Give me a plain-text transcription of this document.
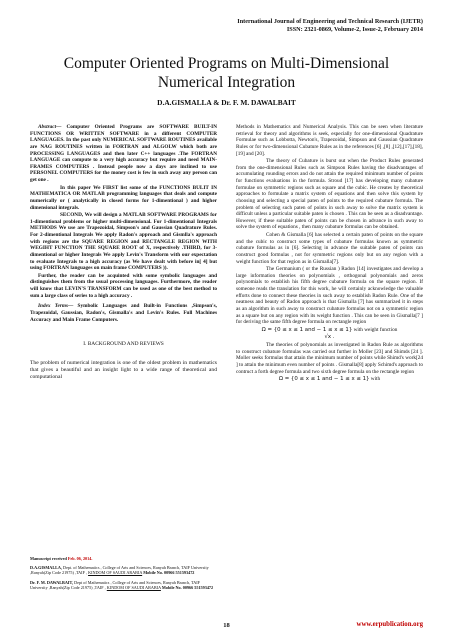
International Journal of Engineering and Technical Research (IJETR)
ISSN: 2321-0869, Volume-2, Issue-2, February 2014
Computer Oriented Programs on Multi-Dimensional Numerical Integration
D.A.GISMALLA & Dr. F. M. DAWALBAIT

Abstract— Computer Oriented Programs are SOFTWARE BUILT-IN FUNCTIONS OR WRITTEN SOFTWARE in a different COMPUTER LANGUAGES. In the past only NUMERICAL SOFTWARE ROUTINES available are NAG ROUTINES written in FORTRAN and ALGOLW which both are PROCESSING LANGUAGES and then later C++ languages .The FORTRAN LANGUAGE can compute to a very high accuracy but require and need MAIN-FRAMES COMPUTERS . Instead people now a days are inclined to use PERSONEL COMPUTERS for the money cost is few in such away any person can get one .

In this paper We FIRST list some of the FUNCTIONS BULIT IN MATHEMATICA OR MATLAB programming languages that deals and compute numerically or ( analytically in closed forms for 1-dimentional ) and higher dimensional integrals.

SECOND, We will design a MATLAB SOFTWARE PROGRAMS for 1-dimentional problems or higher multi-dimensional. For 1-dimentional Integrals METHODS We use are Trapezoidal, Simpson's and Gaussian Quadrature Rules. For 2-dimentional Integrals We apply Radon's approach and Gismlla's approach with regions are the SQUARE REGION and RECTANGLE REGION WITH WEGIHT FUNCTION THE SQUARE ROOT of X, respectively .THIRD, for 3-dimentional or higher Integrals We apply Levin's Transform with our expectation to evaluate Integrals to a high accuracy (as We have dealt with before in[ 4] but using FORTRAN languages on main frame COMPUTERS )).

Further, the reader can be acquinted with some symbolic languages and distinguishes them from the usual processing languages. Furthermore, the reader will know that LEVIN'S TRANSFORM can be used as one of the best method to sum a large class of series to a high accuracy .

Index Terms— Symbolic Languages and Built-in Functions ,Simpson's, Trapezoidal, Gaussian, Radon's, Gismalla's and Levin's Rules. Full Machines Accuracy and Main Frame Computers.

I. BACKGROUND AND REVIEWS

The problem of numerical integration is one of the oldest problem in mathematics that gives a beautiful and an insight light to a wide range of theoretical and computational

Manuscript received Feb. 06, 2014.

D.A.GISMALLA, Dept. of Mathematics , College of Arts and Sciences, Ranyah Branch, TAIF University ,Ranyah(Zip Code 21975) ,TAIF , KINDOM OF SAUDI ARABIA Mobile No. 00966 551593472

Dr. F. M. DAWALBAIT, Dept of Mathematics , College of Arts and Sciences, Ranyah Branch, TAIF University ,Ranyah(Zip Code 21975) ,TAIF , KINDOM OF SAUDI ARABIA Mobile No. 00966 551593472

Methods in Mathematics and Numerical Analysis. This can be seen when literature retrieval for theory and algorithms is seek, especially for one-dimensional Quadrature Formulae such as Lobbotta, Newton's, Trapezoidal, Simpson and Gaussian Quadrature Rules or for two-dimensional Cubature Rules as in the references [6] ,[8] ,[12],[17],[18], [19] and [20].

The theory of Cubature is burst out when the Product Rules generated from the one-dimensional Rules such as Simpson Rules having the disadvantages of accumulating rounding errors and do not attain the required minimum number of points for functions evaluations in the formula. Stroud [17] has developing many cubature formulae on symmetric regions such as square and the cubic. He creates by theoretical approaches to formulate a matrix system of equations and then solve this system by choosing and selecting a special paten of points to the required cubature formula. The problem of selecting such paten of points in such away to solve the matrix system is difficult unless a particular suitable paten is chosen . This can be seen as a disadvantage. However, if these suitable paten of points can be chosen in advance in such away to solve the system of equations , then many cubature formulas can be obtained.

Cohen & Gismalla [6] has selected a certain paten of points on the square and the cubic to construct some types of cubature formulas known as symmetric cubature formulas as in [6]. Selecting in advance the suitable paten of points can construct good formulas , not for symmetric regions only but on any region with a weight function for that region as in Gismalla[7].

The Germanium ( or the Russian ) Radon [14] investigates and develop a large information theories on polynomials , orthogonal polynomials and zeros polynomials to establish his fifth degree cubature formula on the square region. If someone reads the translation for this work, he will certainly acknowledge the valuable efforts done to connect these theories in such away to establish Radon Rule. One of the neatness and beauty of Radon approach is that Gismalla [7] has summarized it in steps as an algorithm in such away to construct cubature formulas not on a symmetric region as a square but on any region with its weight function . This can be seen in Gismalla[7 ] for deriving the same fifth degree formula on rectangle region

Ω = {0 ≤ x ≤ 1 and − 1 ≤ x ≤ 1} with weight function

√x .

The theories of polynomials as investigated in Radon Rule as algorithms to construct cubature formulas was carried out further in Moller [23] and Shimds [24 ]. Moller seeks formulas that attain the minimum number of points while Shimd's work[24 ] to attain the minimum even number of points . Gismalla[8] apply Schimd's approach to contruct a forth degree formula and two sixth degree formula on the rectangle region

Ω = {0 ≤ x ≤ 1 and − 1 ≤ x ≤ 1} with

18	www.erpublication.org
